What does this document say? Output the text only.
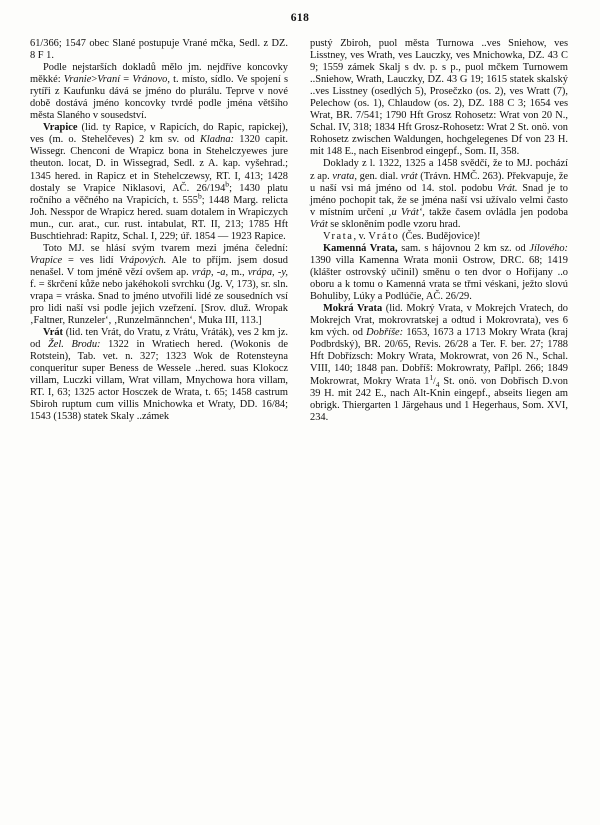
618

61/366; 1547 obec Slané postupuje Vrané mčka, Sedl. z DZ. 8 F 1.

Podle nejstarších dokladů mělo jm. nejdříve koncovky měkké: Vranie>Vraní = Vránovo, t. místo, sídlo. Ve spojení s rytíři z Kaufunku dává se jméno do plurálu. Teprve v nové době dostává jméno koncovky tvrdé podle jména většího města Slaného v sousedství.

Vrapice (lid. ty Rapice, v Rapicích, do Rapic, rapickej), ves (m. o. Stehelčeves) 2 km sv. od Kladna: 1320 capit. Wissegr. Chenconi de Wrapicz bona in Stehelczyewes jure theuton. locat, D. in Wissegrad, Sedl. z A. kap. vyšehrad.; 1345 hered. in Rapicz et in Stehelczewsy, RT. I, 413; 1428 dostaly se Vrapice Niklasovi, AČ. 26/194$^b$; 1430 platu ročního a věčného na Vrapicích, t. 555$^b$; 1448 Marg. relicta Joh. Nesspor de Wrapicz hered. suam dotalem in Wrapiczych mun., cur. arat., cur. rust. intabulat, RT. II, 213; 1785 Hft Buschtiehrad: Rapitz, Schal. I, 229; úř. 1854 — 1923 Rapice.

Toto MJ. se hlásí svým tvarem mezi jména čelední: Vrapice = ves lidí Vrápových. Ale to příjm. jsem dosud nenašel. V tom jméně vězí ovšem ap. vráp, -a, m., vrápa, -y, f. = škrčení kůže nebo jakéhokoli svrchku (Jg. V, 173), sr. sln. vrapa = vráska. Snad to jméno utvořili lidé ze sousedních vsí pro lidi naší vsi podle jejich vzeřzení. [Srov. dluž. Wropak ‚Faltner, Runzeler‘, ‚Runzelmännchen‘, Muka III, 113.]

Vrát (lid. ten Vrát, do Vratu, z Vrátu, Vráták), ves 2 km jz. od Žel. Brodu: 1322 in Wratiech hered. (Wokonis de Rotstein), Tab. vet. n. 327; 1323 Wok de Rotensteyna conqueritur super Beness de Wessele ..hered. suas Klokocz villam, Luczki villam, Wrat villam, Mnychowa hora villam, RT. I, 63; 1325 actor Hosczek de Wrata, t. 65; 1458 castrum Sbiroh ruptum cum villis Mnichowka et Wraty, DD. 16/84; 1543 (1538) statek Skaly ..zámek

pustý Zbiroh, puol města Turnowa ..ves Sniehow, ves Lisstney, ves Wrath, ves Lauczky, ves Mnichowka, DZ. 43 C 9; 1559 zámek Skalj s dv. p. s p., puol mčkem Turnowem ..Sniehow, Wrath, Lauczky, DZ. 43 G 19; 1615 statek skalský ..ves Lisstney (osedlých 5), Prosečzko (os. 2), ves Wratt (7), Pelechow (os. 1), Chlaudow (os. 2), DZ. 188 C 3; 1654 ves Wrat, BR. 7/541; 1790 Hft Grosz Rohosetz: Wrat von 20 N., Schal. IV, 318; 1834 Hft Grosz-Rohosetz: Wrat 2 St. onö. von Rohosetz zwischen Waldungen, hochgelegenes Df von 23 H. mit 148 E., nach Eisenbrod eingepf., Som. II, 358.

Doklady z l. 1322, 1325 a 1458 svědčí, že to MJ. pochází z ap. vrata, gen. dial. vrát (Trávn. HMČ. 263). Překvapuje, že u naší vsi má jméno od 14. stol. podobu Vrát. Snad je to jméno pochopit tak, že se jména naší vsi užívalo velmi často v místním určení ‚u Vrát‘, takže časem ovládla jen podoba Vrát se skloněním podle vzoru hrad.

Vrata, v. Vráto (Čes. Budějovice)!

Kamenná Vrata, sam. s hájovnou 2 km sz. od Jílového: 1390 villa Kamenna Wrata monii Ostrow, DRC. 68; 1419 (klášter ostrovský učinil) směnu o ten dvor o Hořijany ..o oboru a k tomu o Kamenná vrata se třmi véskani, ježto slovú Bohuliby, Lúky a Podlúčie, AČ. 26/29.

Mokrá Vrata (lid. Mokrý Vrata, v Mokrejch Vratech, do Mokrejch Vrat, mokrovratskej a odtud i Mokrovrata), ves 6 km vých. od Dobříše: 1653, 1673 a 1713 Mokry Wrata (kraj Podbrdský), BR. 20/65, Revis. 26/28 a Ter. F. ber. 27; 1788 Hft Dobřízsch: Mokry Wrata, Mokrowrat, von 26 N., Schal. VIII, 140; 1848 pan. Dobříš: Mokrowraty, Pařlpl. 266; 1849 Mokrowrat, Mokry Wrata $1^1/_4$ St. onö. von Dobřisch D.von 39 H. mit 242 E., nach Alt-Knin eingepf., abseits liegen am obrigk. Thiergarten 1 Järgehaus und 1 Hegerhaus, Som. XVI, 234.
